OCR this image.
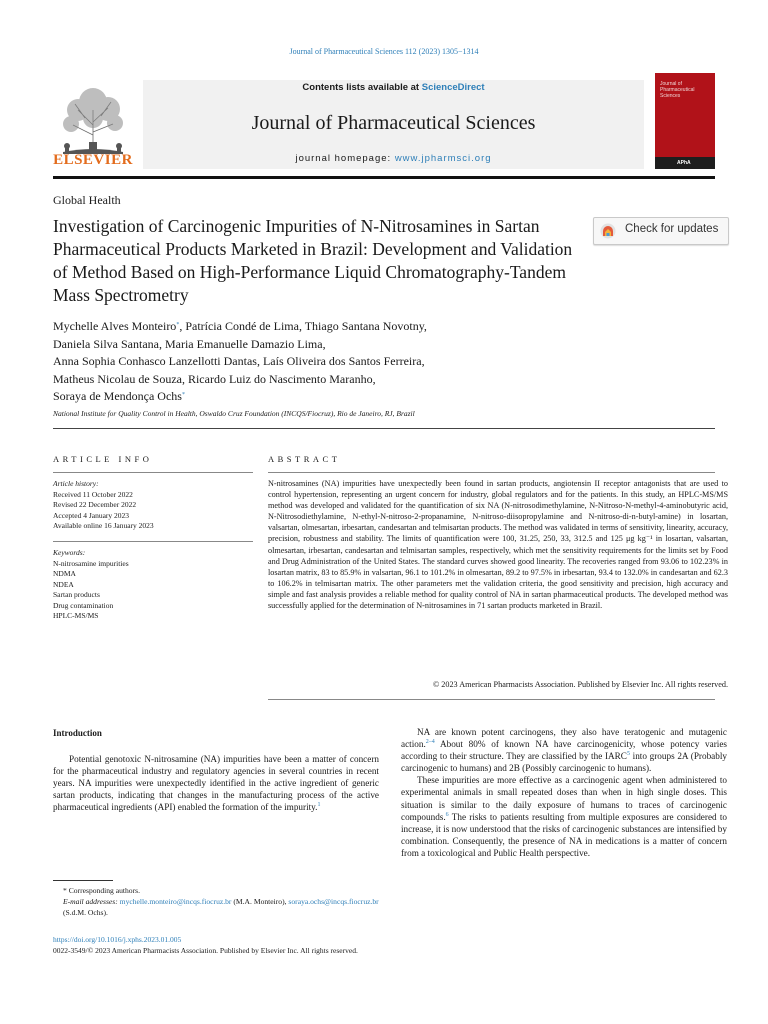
Journal of Pharmaceutical Sciences 112 (2023) 1305−1314
ELSEVIER
Contents lists available at ScienceDirect
Journal of Pharmaceutical Sciences
journal homepage: www.jpharmsci.org
Journal of Pharmaceutical Sciences
APhA
Global Health
Investigation of Carcinogenic Impurities of N-Nitrosamines in Sartan Pharmaceutical Products Marketed in Brazil: Development and Validation of Method Based on High-Performance Liquid Chromatography-Tandem Mass Spectrometry
Check for updates
Mychelle Alves Monteiro*, Patrícia Condé de Lima, Thiago Santana Novotny,
Daniela Silva Santana, Maria Emanuelle Damazio Lima,
Anna Sophia Conhasco Lanzellotti Dantas, Laís Oliveira dos Santos Ferreira,
Matheus Nicolau de Souza, Ricardo Luiz do Nascimento Maranho,
Soraya de Mendonça Ochs*
National Institute for Quality Control in Health, Oswaldo Cruz Foundation (INCQS/Fiocruz), Rio de Janeiro, RJ, Brazil
ARTICLE INFO
Article history:
Received 11 October 2022
Revised 22 December 2022
Accepted 4 January 2023
Available online 16 January 2023
Keywords:
N-nitrosamine impurities
NDMA
NDEA
Sartan products
Drug contamination
HPLC-MS/MS
ABSTRACT
N-nitrosamines (NA) impurities have unexpectedly been found in sartan products, angiotensin II receptor antagonists that are used to control hypertension, representing an urgent concern for industry, global regulators and for the patients. In this study, an HPLC-MS/MS method was developed and validated for the quantification of six NA (N-nitrosodimethylamine, N-Nitroso-N-methyl-4-aminobutyric acid, N-Nitrosodiethylamine, N-ethyl-N-nitroso-2-propanamine, N-nitroso-diisopropylamine and N-nitroso-di-n-butyl-amine) in losartan, valsartan, olmesartan, irbesartan, candesartan and telmisartan products. The method was validated in terms of sensitivity, linearity, accuracy, precision, robustness and stability. The limits of quantification were 100, 31.25, 250, 33, 312.5 and 125 μg kg⁻¹ in losartan, valsartan, olmesartan, irbesartan, candesartan and telmisartan samples, respectively, which met the sensitivity requirements for the limits set by Food and Drug Administration of the United States. The standard curves showed good linearity. The recoveries ranged from 93.06 to 102.23% in losartan matrix, 83 to 85.9% in valsartan, 96.1 to 101.2% in olmesartan, 89.2 to 97.5% in irbesartan, 93.4 to 132.0% in candesartan and 62.3 to 106.2% in telmisartan matrix. The other parameters met the validation criteria, the good sensitivity and precision, high accuracy and simple and fast analysis provides a reliable method for quality control of NA in sartan pharmaceutical products. The developed method was successfully applied for the determination of N-nitrosamines in 71 sartan products marketed in Brazil.
© 2023 American Pharmacists Association. Published by Elsevier Inc. All rights reserved.
Introduction

Potential genotoxic N-nitrosamine (NA) impurities have been a matter of concern for the pharmaceutical industry and regulatory agencies in several countries in recent years. NA impurities were unexpectedly identified in the active ingredient of generic sartan products, indicating that changes in the manufacturing process of the active pharmaceutical ingredients (API) enabled the formation of the impurity.$^1$

NA are known potent carcinogens, they also have teratogenic and mutagenic action.$^{2-4}$ About 80% of known NA have carcinogenicity, whose potency varies according to their structure. They are classified by the IARC$^5$ into groups 2A (Probably carcinogenic to humans) and 2B (Possibly carcinogenic to humans).

These impurities are more effective as a carcinogenic agent when administered to experimental animals in small repeated doses than when in high single doses. This situation is similar to the daily exposure of humans to traces of carcinogenic compounds.$^6$ The risks to patients resulting from multiple exposures are considered to increase, it is now understood that the risks of carcinogenic substances are intensified by combination. Consequently, the presence of NA in medications is a matter of concern from a toxicological and Public Health perspective.

* Corresponding authors.
E-mail addresses: mychelle.monteiro@incqs.fiocruz.br (M.A. Monteiro), soraya.ochs@incqs.fiocruz.br (S.d.M. Ochs).
https://doi.org/10.1016/j.xphs.2023.01.005
0022-3549/© 2023 American Pharmacists Association. Published by Elsevier Inc. All rights reserved.
